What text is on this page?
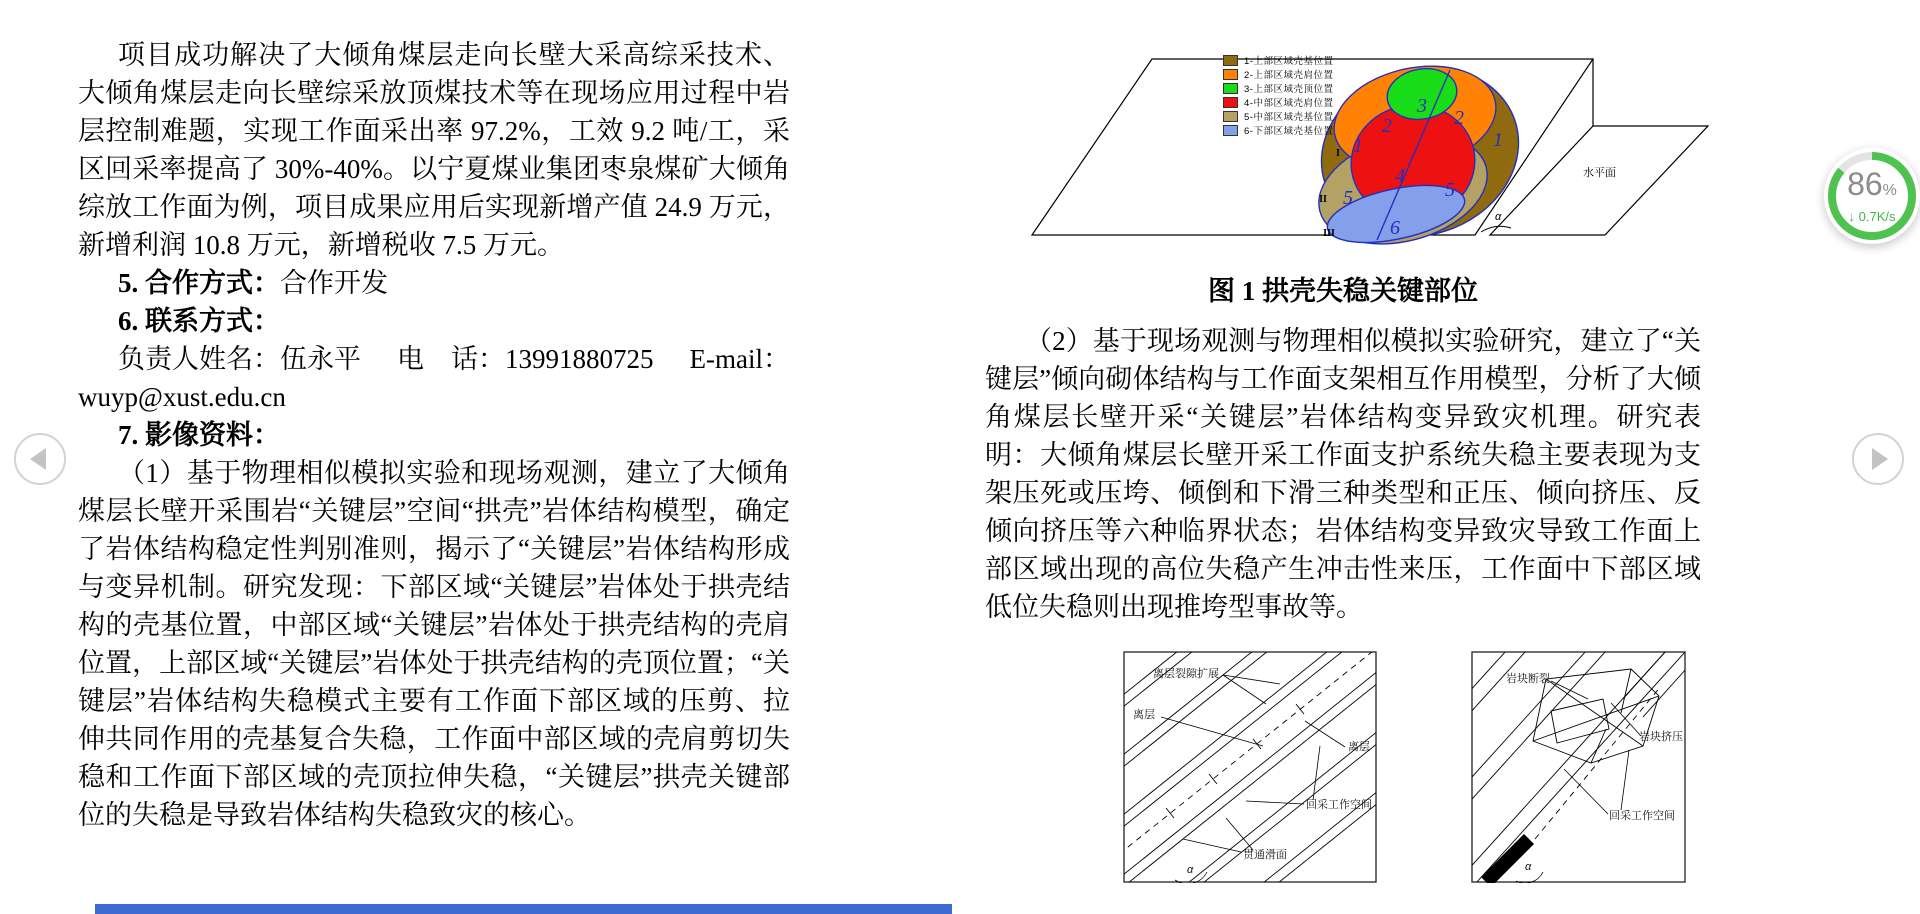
项目成功解决了大倾角煤层走向长壁大采高综采技术、大倾角煤层走向长壁综采放顶煤技术等在现场应用过程中岩层控制难题，实现工作面采出率 97.2%，工效 9.2 吨/工，采区回采率提高了 30%-40%。以宁夏煤业集团枣泉煤矿大倾角综放工作面为例，项目成果应用后实现新增产值 24.9 万元，新增利润 10.8 万元，新增税收 7.5 万元。

5. 合作方式：合作开发

6. 联系方式：

负责人姓名：伍永平 电　话：13991880725 E-mail：

wuyp@xust.edu.cn

7. 影像资料：

（1）基于物理相似模拟实验和现场观测，建立了大倾角煤层长壁开采围岩“关键层”空间“拱壳”岩体结构模型，确定了岩体结构稳定性判别准则，揭示了“关键层”岩体结构形成与变异机制。研究发现：下部区域“关键层”岩体处于拱壳结构的壳基位置，中部区域“关键层”岩体处于拱壳结构的壳肩位置，上部区域“关键层”岩体处于拱壳结构的壳顶位置；“关键层”岩体结构失稳模式主要有工作面下部区域的压剪、拉伸共同作用的壳基复合失稳，工作面中部区域的壳肩剪切失稳和工作面下部区域的壳顶拉伸失稳，“关键层”拱壳关键部位的失稳是导致岩体结构失稳致灾的核心。

水平面
α
3
2	2
1	1
4
5	5
6
I
II
III
1-上部区域壳基位置
2-上部区域壳肩位置
3-上部区域壳顶位置
4-中部区域壳肩位置
5-中部区域壳基位置
6-下部区域壳基位置
图 1 拱壳失稳关键部位

（2）基于现场观测与物理相似模拟实验研究，建立了“关键层”倾向砌体结构与工作面支架相互作用模型，分析了大倾角煤层长壁开采“关键层”岩体结构变异致灾机理。研究表明：大倾角煤层长壁开采工作面支护系统失稳主要表现为支架压死或压垮、倾倒和下滑三种类型和正压、倾向挤压、反倾向挤压等六种临界状态；岩体结构变异致灾导致工作面上部区域出现的高位失稳产生冲击性来压，工作面中下部区域低位失稳则出现推垮型事故等。

离层裂隙扩展
离层
离层
回采工作空间
贯通滑面
α
岩块断裂
岩块挤压
回采工作空间
α
86%
↓ 0.7K/s
